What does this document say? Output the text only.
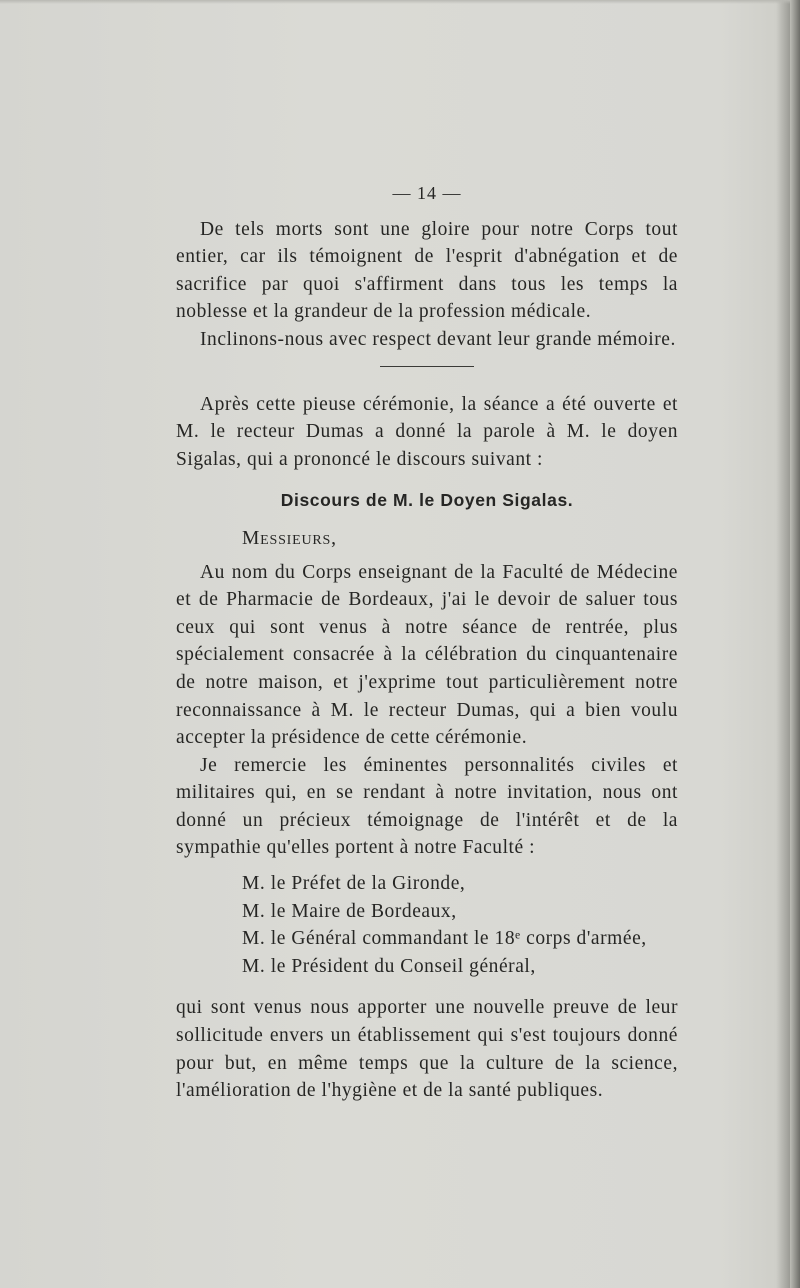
— 14 —

De tels morts sont une gloire pour notre Corps tout entier, car ils témoignent de l'esprit d'abnégation et de sacrifice par quoi s'affirment dans tous les temps la noblesse et la grandeur de la profession médicale.

Inclinons-nous avec respect devant leur grande mémoire.

Après cette pieuse cérémonie, la séance a été ouverte et M. le recteur Dumas a donné la parole à M. le doyen Sigalas, qui a prononcé le discours suivant :

Discours de M. le Doyen Sigalas.
Messieurs,

Au nom du Corps enseignant de la Faculté de Médecine et de Pharmacie de Bordeaux, j'ai le devoir de saluer tous ceux qui sont venus à notre séance de rentrée, plus spécialement consacrée à la célébration du cinquantenaire de notre maison, et j'exprime tout particulièrement notre reconnaissance à M. le recteur Dumas, qui a bien voulu accepter la présidence de cette cérémonie.

Je remercie les éminentes personnalités civiles et militaires qui, en se rendant à notre invitation, nous ont donné un précieux témoignage de l'intérêt et de la sympathie qu'elles portent à notre Faculté :

M. le Préfet de la Gironde,
M. le Maire de Bordeaux,
M. le Général commandant le 18ᵉ corps d'armée,
M. le Président du Conseil général,

qui sont venus nous apporter une nouvelle preuve de leur sollicitude envers un établissement qui s'est toujours donné pour but, en même temps que la culture de la science, l'amélioration de l'hygiène et de la santé publiques.
